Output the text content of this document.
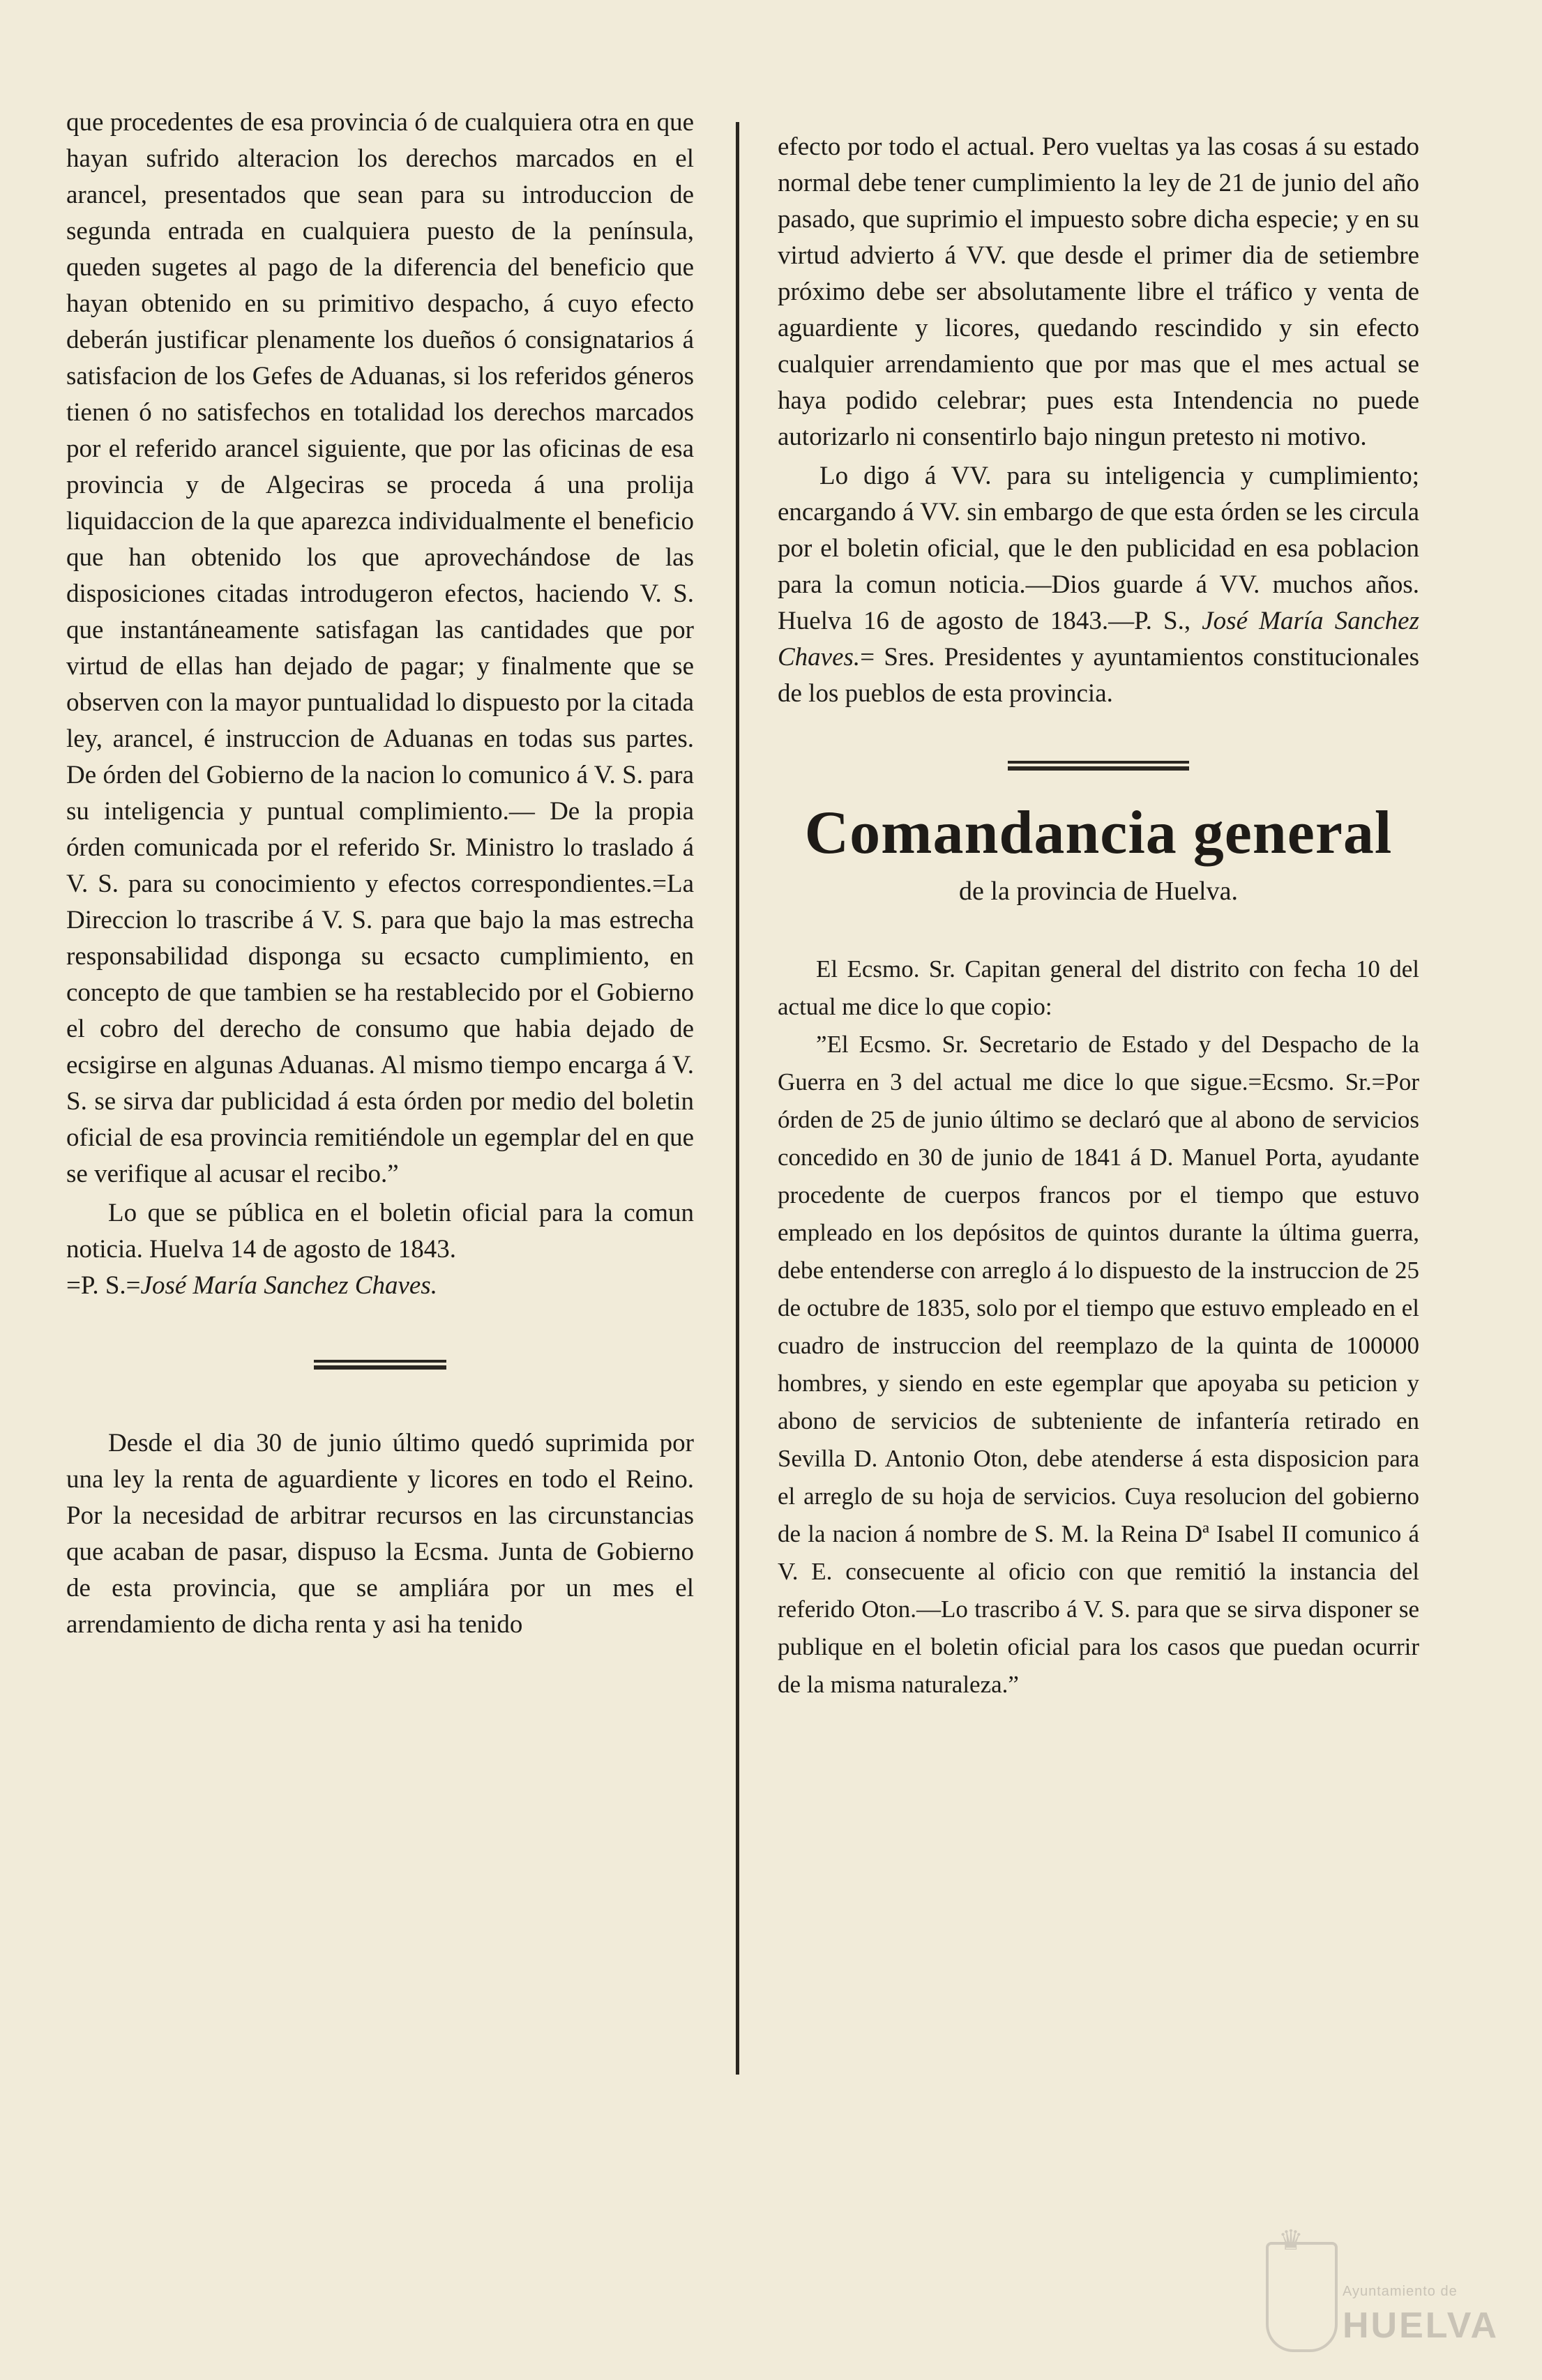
que procedentes de esa provincia ó de cualquiera otra en que hayan sufrido alteracion los derechos marcados en el arancel, presentados que sean para su introduccion de segunda entrada en cualquiera puesto de la península, queden sugetes al pago de la diferencia del beneficio que hayan obtenido en su primitivo despacho, á cuyo efecto deberán justificar plenamente los dueños ó consignatarios á satisfacion de los Gefes de Aduanas, si los referidos géneros tienen ó no satisfechos en totalidad los derechos marcados por el referido arancel siguiente, que por las oficinas de esa provincia y de Algeciras se proceda á una prolija liquidaccion de la que aparezca individualmente el beneficio que han obtenido los que aprovechándose de las disposiciones citadas introdugeron efectos, haciendo V. S. que instantáneamente satisfagan las cantidades que por virtud de ellas han dejado de pagar; y finalmente que se observen con la mayor puntualidad lo dispuesto por la citada ley, arancel, é instruccion de Aduanas en todas sus partes. De órden del Gobierno de la nacion lo comunico á V. S. para su inteligencia y puntual complimiento.— De la propia órden comunicada por el referido Sr. Ministro lo traslado á V. S. para su conocimiento y efectos correspondientes.=La Direccion lo trascribe á V. S. para que bajo la mas estrecha responsabilidad disponga su ecsacto cumplimiento, en concepto de que tambien se ha restablecido por el Gobierno el cobro del derecho de consumo que habia dejado de ecsigirse en algunas Aduanas. Al mismo tiempo encarga á V. S. se sirva dar publicidad á esta órden por medio del boletin oficial de esa provincia remitiéndole un egemplar del en que se verifique al acusar el recibo.”

Lo que se pública en el boletin oficial para la comun noticia. Huelva 14 de agosto de 1843.

=P. S.=José María Sanchez Chaves.

Desde el dia 30 de junio último quedó suprimida por una ley la renta de aguardiente y licores en todo el Reino. Por la necesidad de arbitrar recursos en las circunstancias que acaban de pasar, dispuso la Ecsma. Junta de Gobierno de esta provincia, que se ampliára por un mes el arrendamiento de dicha renta y asi ha tenido

efecto por todo el actual. Pero vueltas ya las cosas á su estado normal debe tener cumplimiento la ley de 21 de junio del año pasado, que suprimio el impuesto sobre dicha especie; y en su virtud advierto á VV. que desde el primer dia de setiembre próximo debe ser absolutamente libre el tráfico y venta de aguardiente y licores, quedando rescindido y sin efecto cualquier arrendamiento que por mas que el mes actual se haya podido celebrar; pues esta Intendencia no puede autorizarlo ni consentirlo bajo ningun pretesto ni motivo.

Lo digo á VV. para su inteligencia y cumplimiento; encargando á VV. sin embargo de que esta órden se les circula por el boletin oficial, que le den publicidad en esa poblacion para la comun noticia.—Dios guarde á VV. muchos años. Huelva 16 de agosto de 1843.—P. S., José María Sanchez Chaves.= Sres. Presidentes y ayuntamientos constitucionales de los pueblos de esta provincia.

Comandancia general
de la provincia de Huelva.

El Ecsmo. Sr. Capitan general del distrito con fecha 10 del actual me dice lo que copio:

”El Ecsmo. Sr. Secretario de Estado y del Despacho de la Guerra en 3 del actual me dice lo que sigue.=Ecsmo. Sr.=Por órden de 25 de junio último se declaró que al abono de servicios concedido en 30 de junio de 1841 á D. Manuel Porta, ayudante procedente de cuerpos francos por el tiempo que estuvo empleado en los depósitos de quintos durante la última guerra, debe entenderse con arreglo á lo dispuesto de la instruccion de 25 de octubre de 1835, solo por el tiempo que estuvo empleado en el cuadro de instruccion del reemplazo de la quinta de 100000 hombres, y siendo en este egemplar que apoyaba su peticion y abono de servicios de subteniente de infantería retirado en Sevilla D. Antonio Oton, debe atenderse á esta disposicion para el arreglo de su hoja de servicios. Cuya resolucion del gobierno de la nacion á nombre de S. M. la Reina Dª Isabel II comunico á V. E. consecuente al oficio con que remitió la instancia del referido Oton.—Lo trascribo á V. S. para que se sirva disponer se publique en el boletin oficial para los casos que puedan ocurrir de la misma naturaleza.”

♛
Ayuntamiento de
HUELVA
